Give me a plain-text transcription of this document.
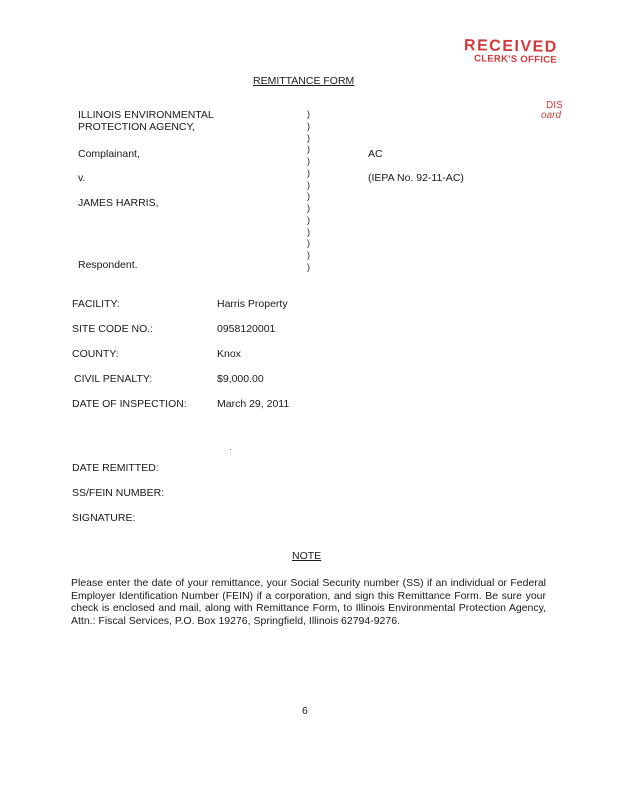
RECEIVED
CLERK'S OFFICE
DIS
oard
REMITTANCE FORM
ILLINOIS ENVIRONMENTAL
PROTECTION AGENCY,
Complainant,
v.
JAMES HARRIS,
Respondent.
)
)
)
)
)
)
)
)
)
)
)
)
)
)
AC
(IEPA No. 92-11-AC)
FACILITY:	Harris Property
SITE CODE NO.:	0958120001
COUNTY:	Knox
CIVIL PENALTY:	$9,000.00
DATE OF INSPECTION:	March 29, 2011
·
DATE REMITTED:
SS/FEIN NUMBER:
SIGNATURE:
NOTE
Please enter the date of your remittance, your Social Security number (SS) if an individual or Federal Employer Identification Number (FEIN) if a corporation, and sign this Remittance Form. Be sure your check is enclosed and mail, along with Remittance Form, to Illinois Environmental Protection Agency, Attn.: Fiscal Services, P.O. Box 19276, Springfield, Illinois 62794-9276.
6
